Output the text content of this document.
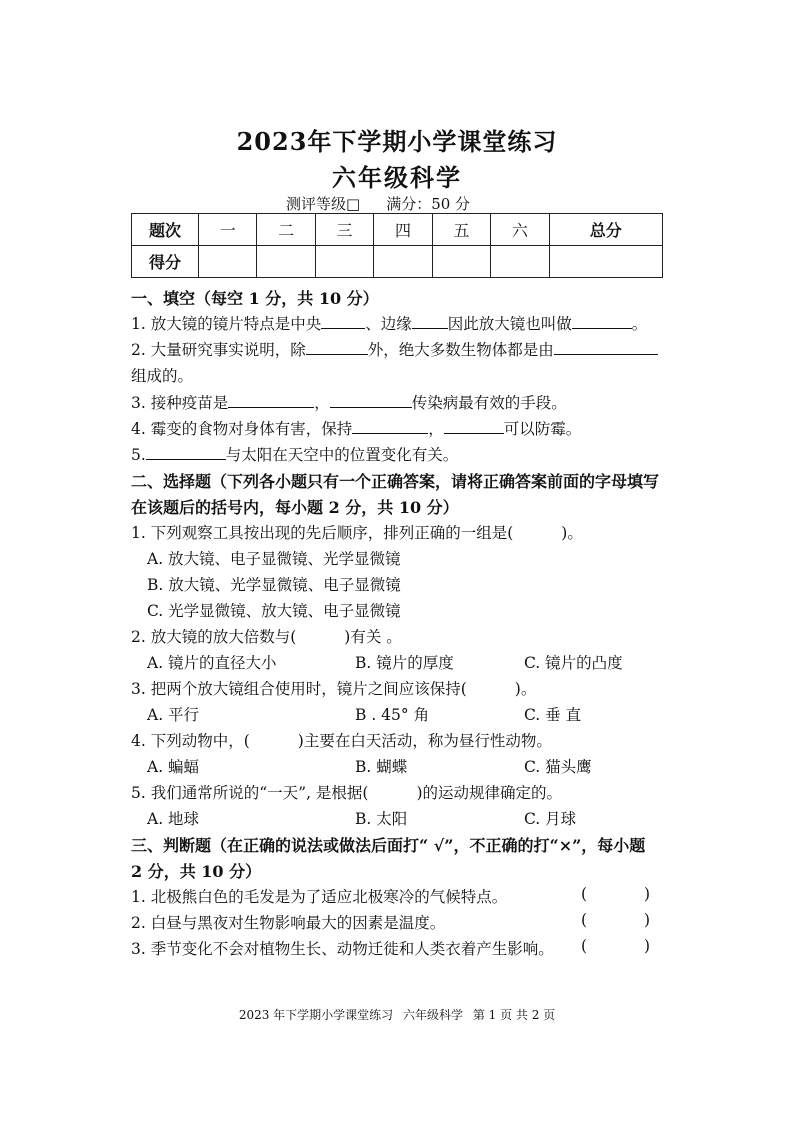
2023年下学期小学课堂练习
六年级科学
测评等级□ 满分：50 分
题次	一	二	三	四	五	六	总分
得分							
一、填空（每空 1 分，共 10 分）
1. 放大镜的镜片特点是中央	、边缘 因此放大镜也叫做	。
2. 大量研究事实说明，除	外，绝大多数生物体都是由
组成的。
3. 接种疫苗是	，	传染病最有效的手段。
4. 霉变的食物对身体有害，保持	，	可以防霉。
5.	与太阳在天空中的位置变化有关。
二、选择题（下列各小题只有一个正确答案，请将正确答案前面的字母填写
在该题后的括号内，每小题 2 分，共 10 分）
1. 下列观察工具按出现的先后顺序，排列正确的一组是(	)。
A. 放大镜、电子显微镜、光学显微镜
B. 放大镜、光学显微镜、电子显微镜
C. 光学显微镜、放大镜、电子显微镜
2. 放大镜的放大倍数与(	)有关 。
A. 镜片的直径大小	B. 镜片的厚度	C. 镜片的凸度
3. 把两个放大镜组合使用时，镜片之间应该保持(	)。
A. 平行	B . 45° 角	C. 垂 直
4. 下列动物中，(	)主要在白天活动，称为昼行性动物。
A. 蝙蝠	B. 蝴蝶	C. 猫头鹰
5. 我们通常所说的“一天”, 是根据(	)的运动规律确定的。
A. 地球	B. 太阳	C. 月球
三、判断题（在正确的说法或做法后面打“ √”，不正确的打“×”，每小题
2 分，共 10 分）
1. 北极熊白色的毛发是为了适应北极寒冷的气候特点。	(	)
2. 白昼与黑夜对生物影响最大的因素是温度。	(	)
3. 季节变化不会对植物生长、动物迁徙和人类衣着产生影响。 (	)
2023 年下学期小学课堂练习 六年级科学 第 1 页 共 2 页
